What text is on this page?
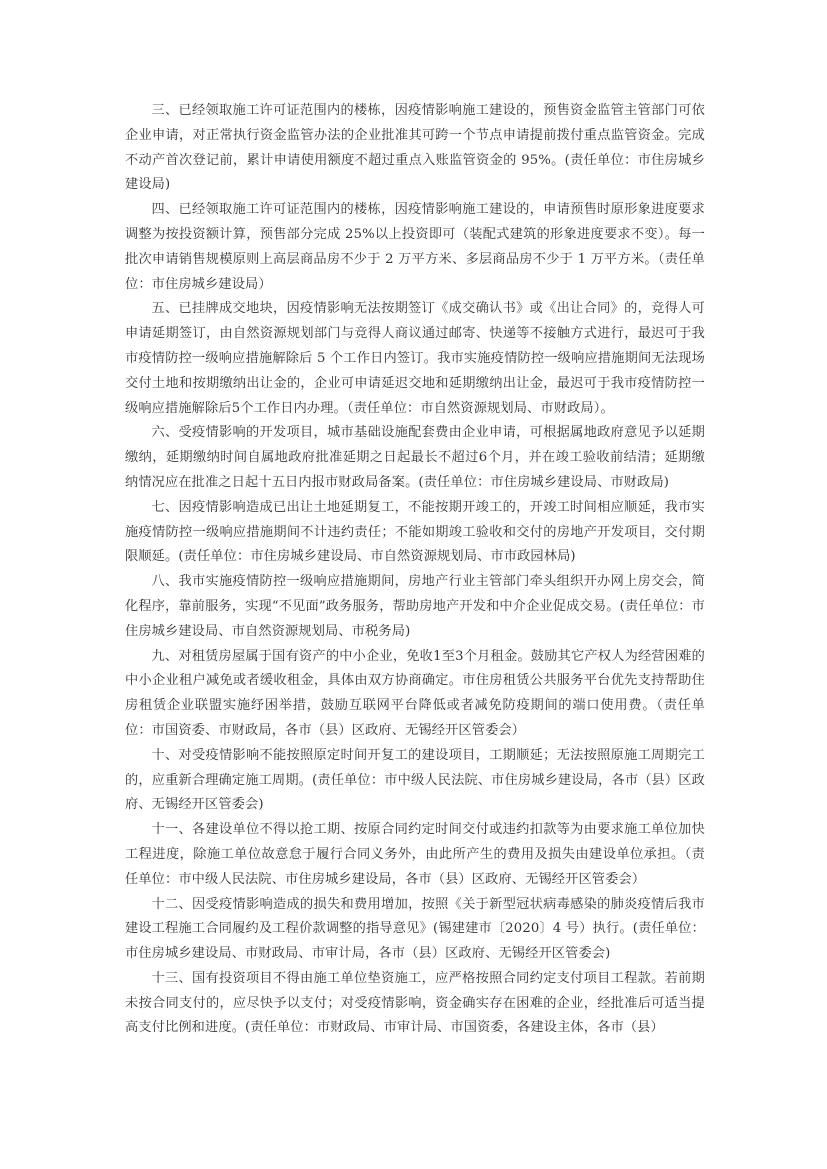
三、已经领取施工许可证范围内的楼栋，因疫情影响施工建设的，预售资金监管主管部门可依企业申请，对正常执行资金监管办法的企业批准其可跨一个节点申请提前拨付重点监管资金。完成不动产首次登记前，累计申请使用额度不超过重点入账监管资金的 95%。(责任单位：市住房城乡建设局)

四、已经领取施工许可证范围内的楼栋，因疫情影响施工建设的，申请预售时原形象进度要求调整为按投资额计算，预售部分完成 25%以上投资即可（装配式建筑的形象进度要求不变）。每一批次申请销售规模原则上高层商品房不少于 2 万平方米、多层商品房不少于 1 万平方米。（责任单位：市住房城乡建设局）

五、已挂牌成交地块，因疫情影响无法按期签订《成交确认书》或《出让合同》的，竞得人可申请延期签订，由自然资源规划部门与竞得人商议通过邮寄、快递等不接触方式进行，最迟可于我市疫情防控一级响应措施解除后 5 个工作日内签订。我市实施疫情防控一级响应措施期间无法现场交付土地和按期缴纳出让金的，企业可申请延迟交地和延期缴纳出让金，最迟可于我市疫情防控一级响应措施解除后5个工作日内办理。（责任单位：市自然资源规划局、市财政局）。

六、受疫情影响的开发项目，城市基础设施配套费由企业申请，可根据属地政府意见予以延期缴纳，延期缴纳时间自属地政府批准延期之日起最长不超过6个月，并在竣工验收前结清；延期缴纳情况应在批准之日起十五日内报市财政局备案。(责任单位：市住房城乡建设局、市财政局)

七、因疫情影响造成已出让土地延期复工，不能按期开竣工的，开竣工时间相应顺延，我市实施疫情防控一级响应措施期间不计违约责任；不能如期竣工验收和交付的房地产开发项目，交付期限顺延。(责任单位：市住房城乡建设局、市自然资源规划局、市市政园林局)

八、我市实施疫情防控一级响应措施期间，房地产行业主管部门牵头组织开办网上房交会，简化程序，靠前服务，实现“不见面”政务服务，帮助房地产开发和中介企业促成交易。(责任单位：市住房城乡建设局、市自然资源规划局、市税务局)

九、对租赁房屋属于国有资产的中小企业，免收1至3个月租金。鼓励其它产权人为经营困难的中小企业租户减免或者缓收租金，具体由双方协商确定。市住房租赁公共服务平台优先支持帮助住房租赁企业联盟实施纾困举措，鼓励互联网平台降低或者减免防疫期间的端口使用费。（责任单位：市国资委、市财政局，各市（县）区政府、无锡经开区管委会）

十、对受疫情影响不能按照原定时间开复工的建设项目，工期顺延；无法按照原施工周期完工的，应重新合理确定施工周期。(责任单位：市中级人民法院、市住房城乡建设局，各市（县）区政府、无锡经开区管委会)

十一、各建设单位不得以抢工期、按原合同约定时间交付或违约扣款等为由要求施工单位加快工程进度，除施工单位故意怠于履行合同义务外，由此所产生的费用及损失由建设单位承担。（责任单位：市中级人民法院、市住房城乡建设局，各市（县）区政府、无锡经开区管委会）

十二、因受疫情影响造成的损失和费用增加，按照《关于新型冠状病毒感染的肺炎疫情后我市建设工程施工合同履约及工程价款调整的指导意见》(锡建建市〔2020〕4 号）执行。(责任单位：市住房城乡建设局、市财政局、市审计局，各市（县）区政府、无锡经开区管委会)

十三、国有投资项目不得由施工单位垫资施工，应严格按照合同约定支付项目工程款。若前期未按合同支付的，应尽快予以支付；对受疫情影响，资金确实存在困难的企业，经批准后可适当提高支付比例和进度。(责任单位：市财政局、市审计局、市国资委，各建设主体，各市（县）
